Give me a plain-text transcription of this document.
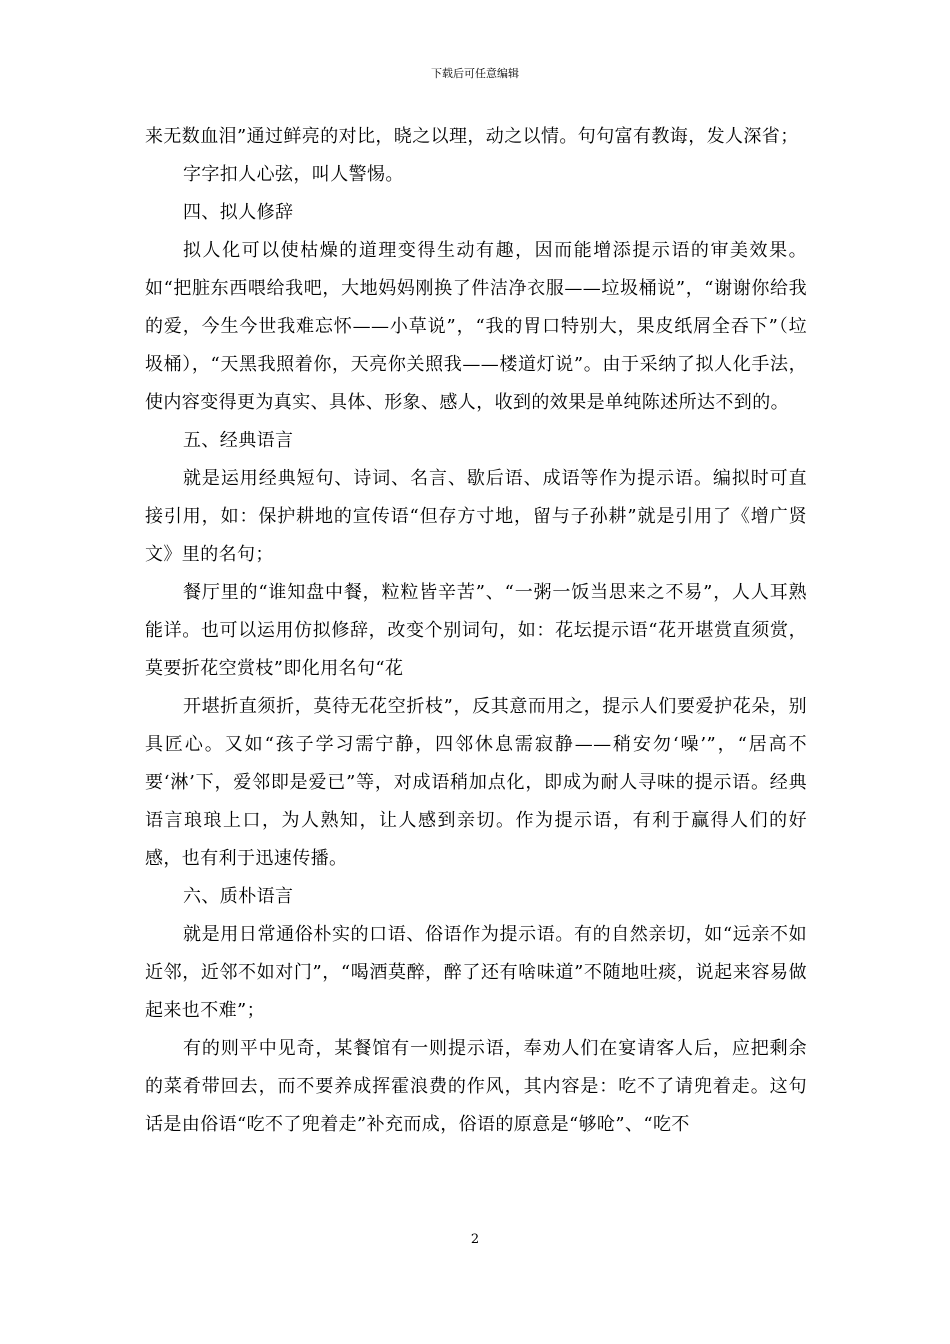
下载后可任意编辑

来无数血泪”通过鲜亮的对比，晓之以理，动之以情。句句富有教诲，发人深省；

字字扣人心弦，叫人警惕。

四、拟人修辞

拟人化可以使枯燥的道理变得生动有趣，因而能增添提示语的审美效果。如“把脏东西喂给我吧，大地妈妈刚换了件洁净衣服——垃圾桶说”，“谢谢你给我的爱，今生今世我难忘怀——小草说”，“我的胃口特别大，果皮纸屑全吞下”（垃圾桶），“天黑我照着你，天亮你关照我——楼道灯说”。由于采纳了拟人化手法，使内容变得更为真实、具体、形象、感人，收到的效果是单纯陈述所达不到的。

五、经典语言

就是运用经典短句、诗词、名言、歇后语、成语等作为提示语。编拟时可直接引用，如：保护耕地的宣传语“但存方寸地，留与子孙耕”就是引用了《增广贤文》里的名句；

餐厅里的“谁知盘中餐，粒粒皆辛苦”、“一粥一饭当思来之不易”，人人耳熟能详。也可以运用仿拟修辞，改变个别词句，如：花坛提示语“花开堪赏直须赏，莫要折花空赏枝”即化用名句“花

开堪折直须折，莫待无花空折枝”，反其意而用之，提示人们要爱护花朵，别具匠心。又如“孩子学习需宁静，四邻休息需寂静——稍安勿‘噪’”，“居高不要‘淋’下，爱邻即是爱已”等，对成语稍加点化，即成为耐人寻味的提示语。经典语言琅琅上口，为人熟知，让人感到亲切。作为提示语，有利于赢得人们的好感，也有利于迅速传播。

六、质朴语言

就是用日常通俗朴实的口语、俗语作为提示语。有的自然亲切，如“远亲不如近邻，近邻不如对门”，“喝酒莫醉，醉了还有啥味道”不随地吐痰，说起来容易做起来也不难”；

有的则平中见奇，某餐馆有一则提示语，奉劝人们在宴请客人后，应把剩余的菜肴带回去，而不要养成挥霍浪费的作风，其内容是：吃不了请兜着走。这句话是由俗语“吃不了兜着走”补充而成，俗语的原意是“够呛”、“吃不

2
